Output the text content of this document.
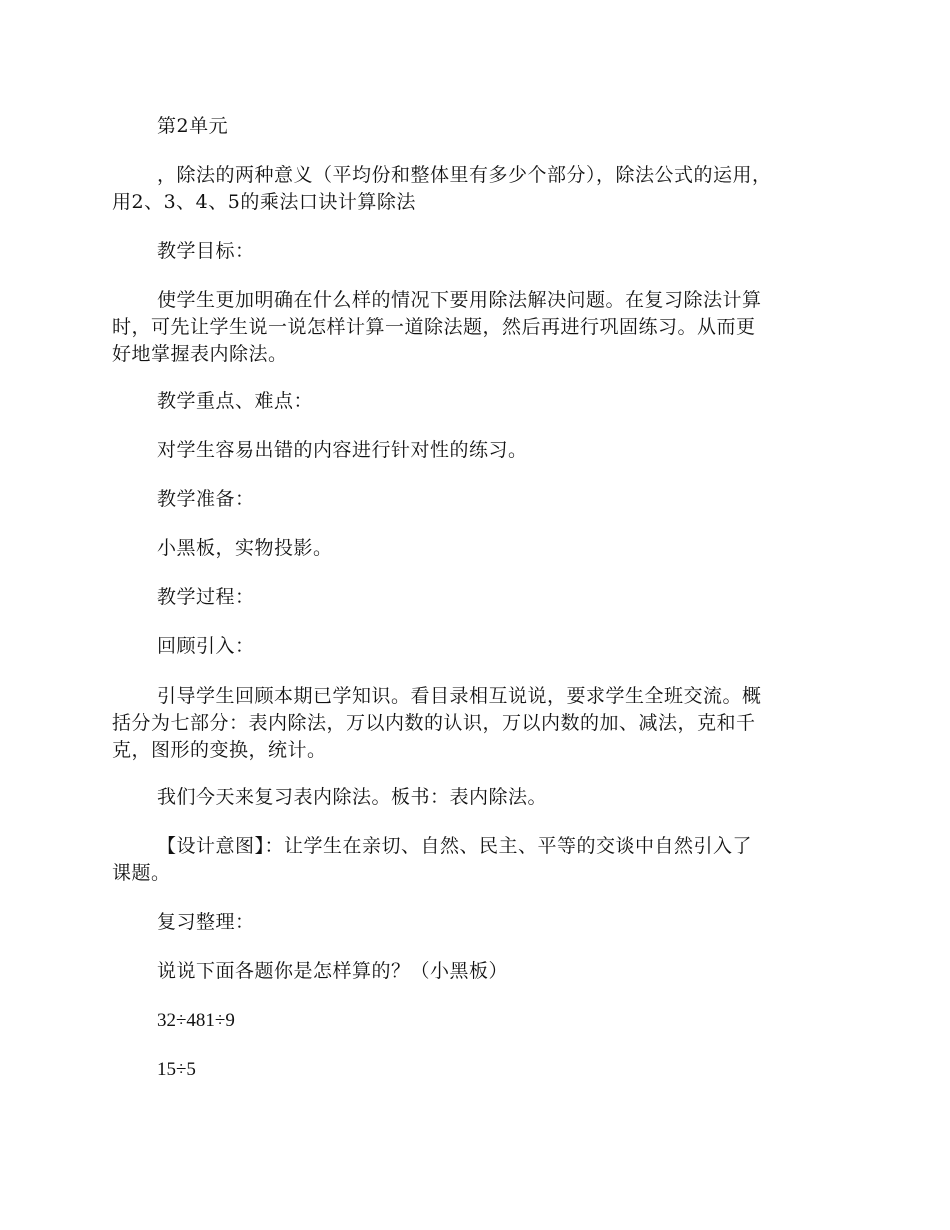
第2单元
，除法的两种意义（平均份和整体里有多少个部分），除法公式的运用，
用2、3、4、5的乘法口诀计算除法
教学目标：
使学生更加明确在什么样的情况下要用除法解决问题。在复习除法计算
时，可先让学生说一说怎样计算一道除法题，然后再进行巩固练习。从而更
好地掌握表内除法。
教学重点、难点：
对学生容易出错的内容进行针对性的练习。
教学准备：
小黑板，实物投影。
教学过程：
回顾引入：
引导学生回顾本期已学知识。看目录相互说说，要求学生全班交流。概
括分为七部分：表内除法，万以内数的认识，万以内数的加、减法，克和千
克，图形的变换，统计。
我们今天来复习表内除法。板书：表内除法。
【设计意图】：让学生在亲切、自然、民主、平等的交谈中自然引入了
课题。
复习整理：
说说下面各题你是怎样算的？（小黑板）
32÷481÷9
15÷5
